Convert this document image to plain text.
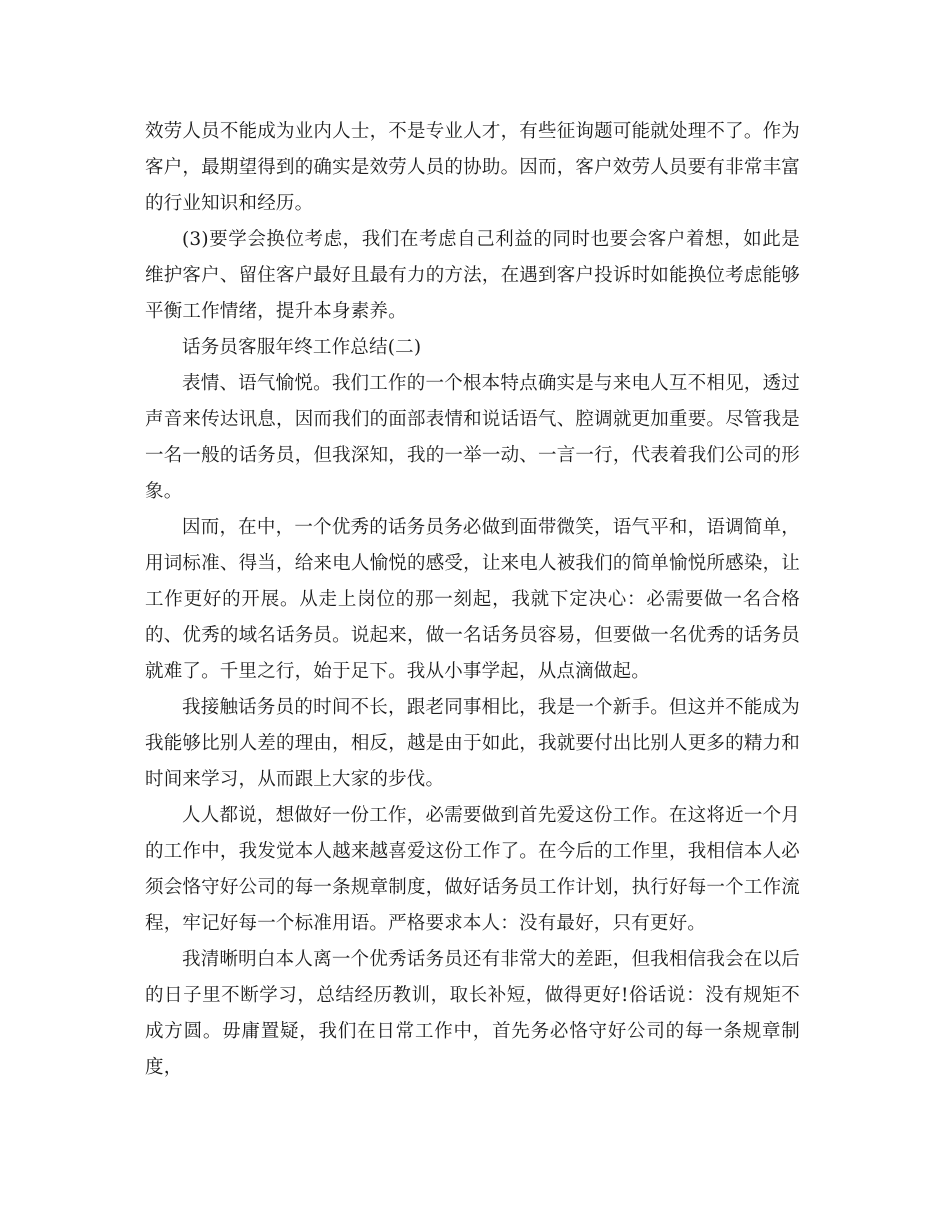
效劳人员不能成为业内人士，不是专业人才，有些征询题可能就处理不了。作为客户，最期望得到的确实是效劳人员的协助。因而，客户效劳人员要有非常丰富的行业知识和经历。

(3)要学会换位考虑，我们在考虑自己利益的同时也要会客户着想，如此是维护客户、留住客户最好且最有力的方法，在遇到客户投诉时如能换位考虑能够平衡工作情绪，提升本身素养。

话务员客服年终工作总结(二)

表情、语气愉悦。我们工作的一个根本特点确实是与来电人互不相见，透过声音来传达讯息，因而我们的面部表情和说话语气、腔调就更加重要。尽管我是一名一般的话务员，但我深知，我的一举一动、一言一行，代表着我们公司的形象。

因而，在中，一个优秀的话务员务必做到面带微笑，语气平和，语调简单，用词标准、得当，给来电人愉悦的感受，让来电人被我们的简单愉悦所感染，让工作更好的开展。从走上岗位的那一刻起，我就下定决心：必需要做一名合格的、优秀的域名话务员。说起来，做一名话务员容易，但要做一名优秀的话务员就难了。千里之行，始于足下。我从小事学起，从点滴做起。

我接触话务员的时间不长，跟老同事相比，我是一个新手。但这并不能成为我能够比别人差的理由，相反，越是由于如此，我就要付出比别人更多的精力和时间来学习，从而跟上大家的步伐。

人人都说，想做好一份工作，必需要做到首先爱这份工作。在这将近一个月的工作中，我发觉本人越来越喜爱这份工作了。在今后的工作里，我相信本人必须会恪守好公司的每一条规章制度，做好话务员工作计划，执行好每一个工作流程，牢记好每一个标准用语。严格要求本人：没有最好，只有更好。

我清晰明白本人离一个优秀话务员还有非常大的差距，但我相信我会在以后的日子里不断学习，总结经历教训，取长补短，做得更好!俗话说：没有规矩不成方圆。毋庸置疑，我们在日常工作中，首先务必恪守好公司的每一条规章制度，
